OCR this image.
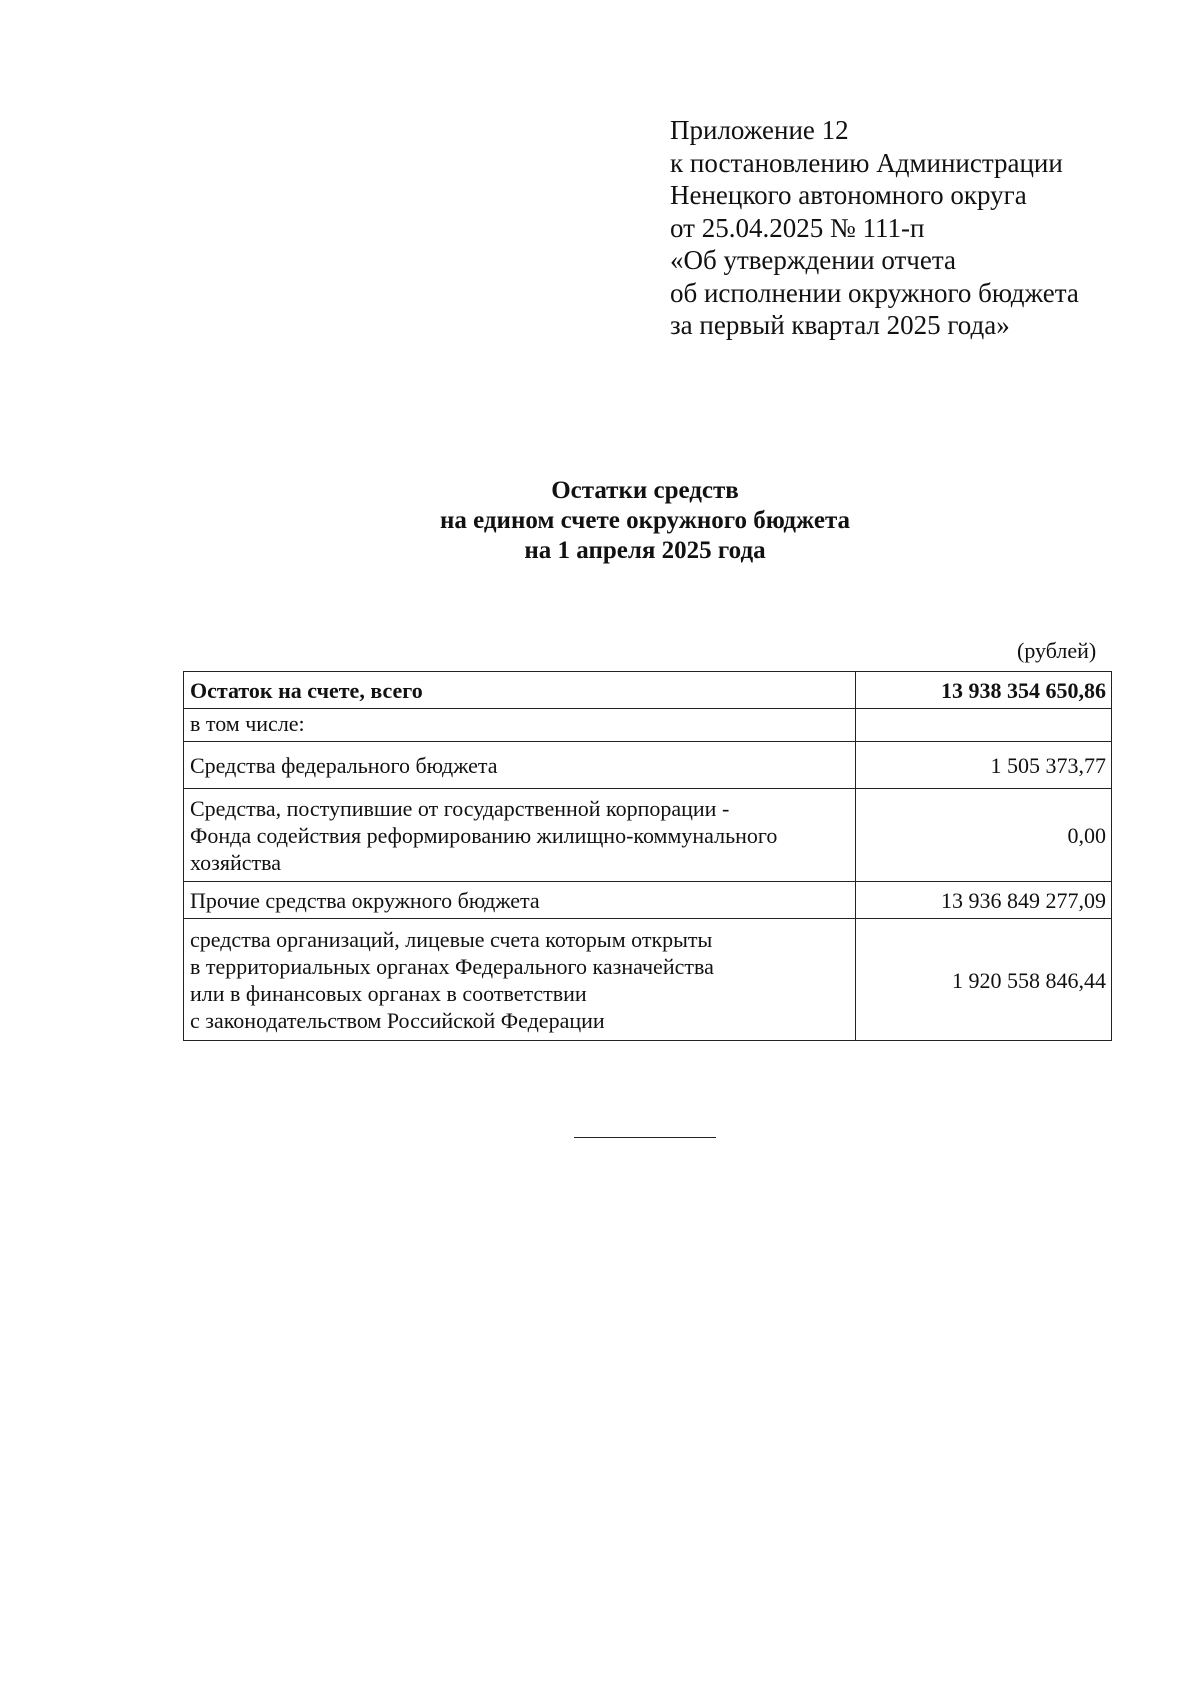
Приложение 12
к постановлению Администрации
Ненецкого автономного округа
от 25.04.2025 № 111-п
«Об утверждении отчета
об исполнении окружного бюджета
за первый квартал 2025 года»
Остатки средств
на едином счете окружного бюджета
на 1 апреля 2025 года
(рублей)
Остаток на счете, всего	13 938 354 650,86
в том числе:	
Средства федерального бюджета	1 505 373,77

Средства, поступившие от государственной корпорации -
Фонда содействия реформированию жилищно-коммунального
хозяйства	0,00
Прочие средства окружного бюджета	13 936 849 277,09

средства организаций, лицевые счета которым открыты
в территориальных органах Федерального казначейства
или в финансовых органах в соответствии
с законодательством Российской Федерации	1 920 558 846,44
